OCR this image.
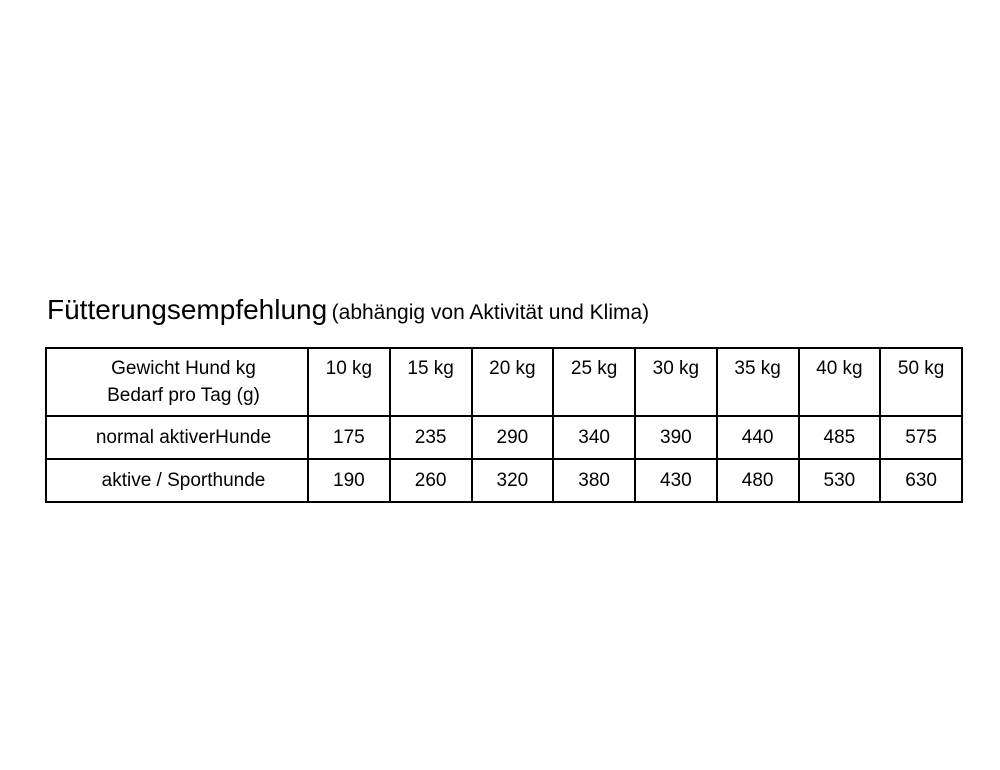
Fütterungsempfehlung (abhängig von Aktivität und Klima)
Gewicht Hund kg
Bedarf pro Tag (g)	10 kg	15 kg	20 kg	25 kg	30 kg	35 kg	40 kg	50 kg
normal aktiverHunde	175	235	290	340	390	440	485	575
aktive / Sporthunde	190	260	320	380	430	480	530	630
